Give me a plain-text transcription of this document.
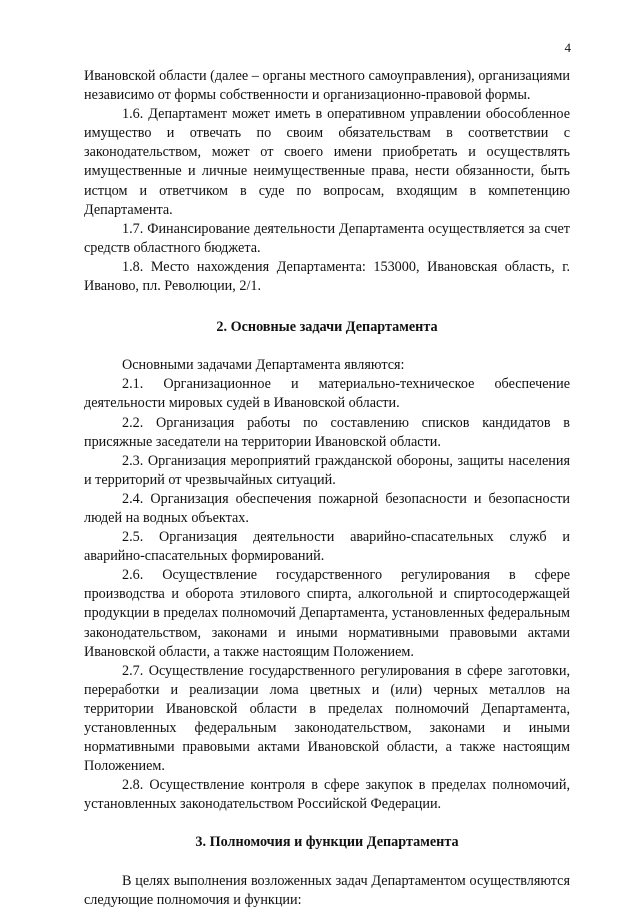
4

Ивановской области (далее – органы местного самоуправления), организациями независимо от формы собственности и организационно-правовой формы.

1.6. Департамент может иметь в оперативном управлении обособленное имущество и отвечать по своим обязательствам в соответствии с законодательством, может от своего имени приобретать и осуществлять имущественные и личные неимущественные права, нести обязанности, быть истцом и ответчиком в суде по вопросам, входящим в компетенцию Департамента.

1.7. Финансирование деятельности Департамента осуществляется за счет средств областного бюджета.

1.8. Место нахождения Департамента: 153000, Ивановская область, г. Иваново, пл. Революции, 2/1.

2. Основные задачи Департамента

Основными задачами Департамента являются:

2.1. Организационное и материально-техническое обеспечение деятельности мировых судей в Ивановской области.

2.2. Организация работы по составлению списков кандидатов в присяжные заседатели на территории Ивановской области.

2.3. Организация мероприятий гражданской обороны, защиты населения и территорий от чрезвычайных ситуаций.

2.4. Организация обеспечения пожарной безопасности и безопасности людей на водных объектах.

2.5. Организация деятельности аварийно-спасательных служб и аварийно-спасательных формирований.

2.6. Осуществление государственного регулирования в сфере производства и оборота этилового спирта, алкогольной и спиртосодержащей продукции в пределах полномочий Департамента, установленных федеральным законодательством, законами и иными нормативными правовыми актами Ивановской области, а также настоящим Положением.

2.7. Осуществление государственного регулирования в сфере заготовки, переработки и реализации лома цветных и (или) черных металлов на территории Ивановской области в пределах полномочий Департамента, установленных федеральным законодательством, законами и иными нормативными правовыми актами Ивановской области, а также настоящим Положением.

2.8. Осуществление контроля в сфере закупок в пределах полномочий, установленных законодательством Российской Федерации.

3. Полномочия и функции Департамента

В целях выполнения возложенных задач Департаментом осуществляются следующие полномочия и функции:
